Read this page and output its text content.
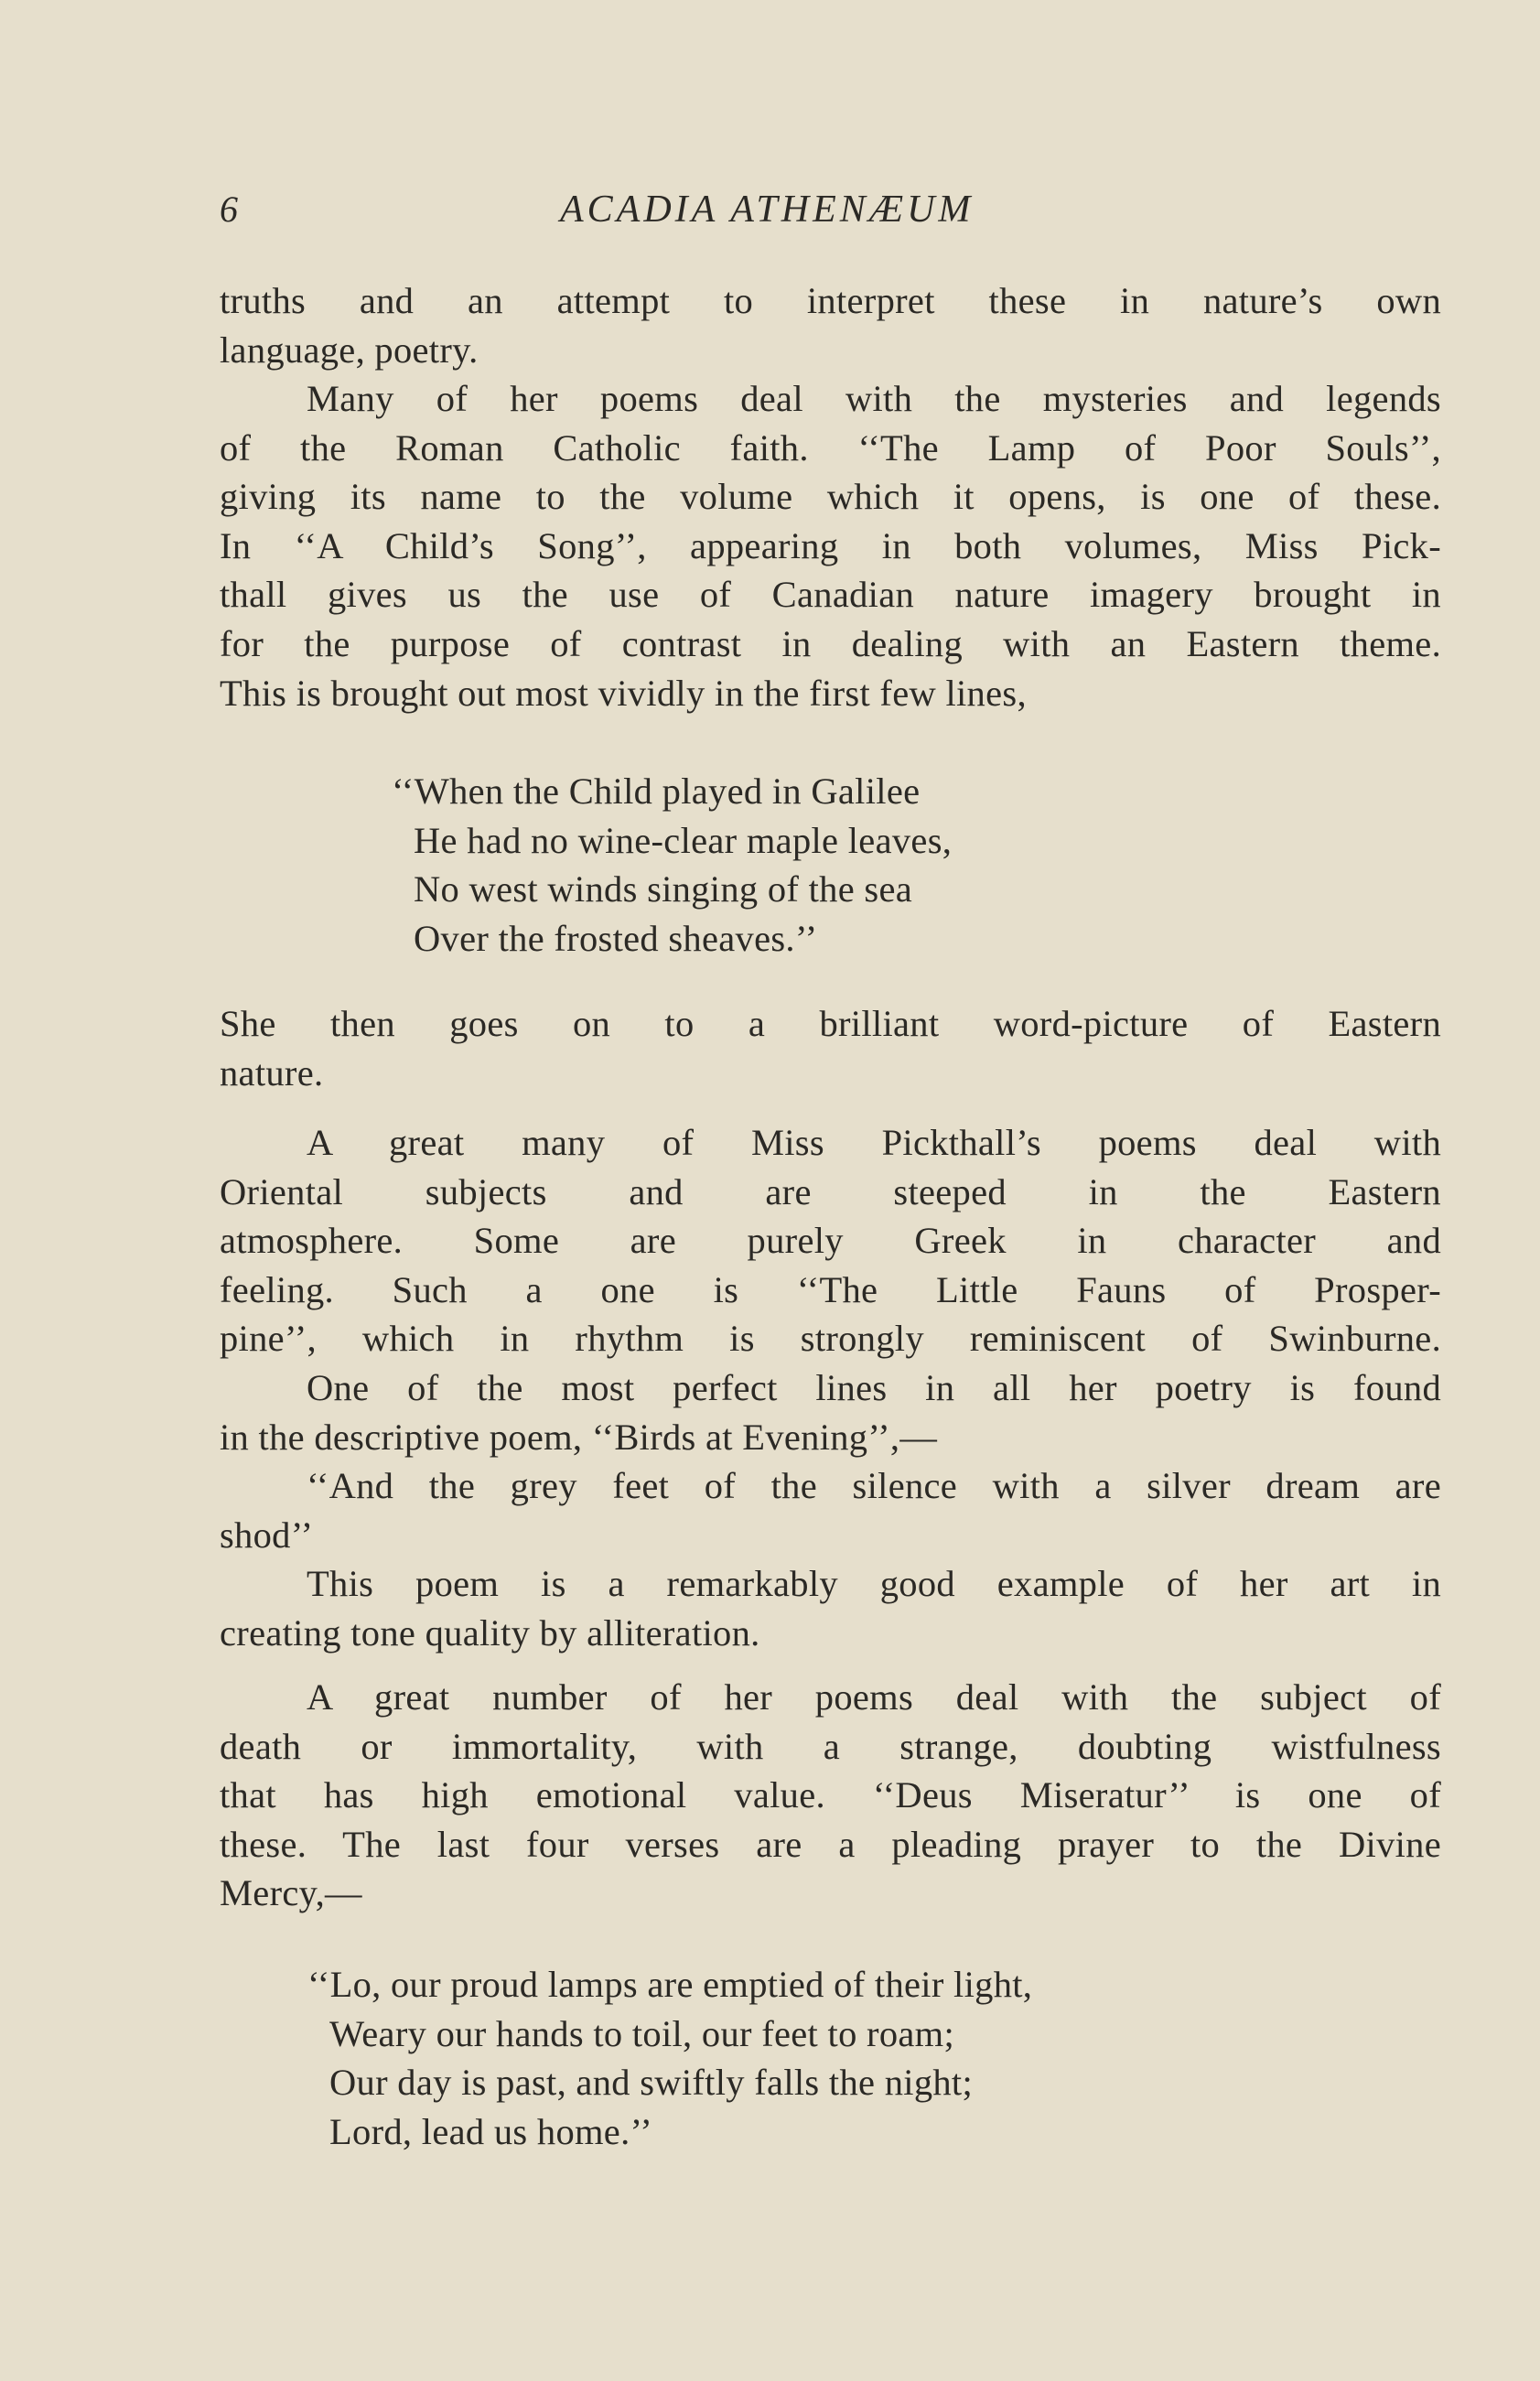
6	ACADIA ATHENÆUM
truths and an attempt to interpret these in nature’s own
language, poetry.
Many of her poems deal with the mysteries and legends
of the Roman Catholic faith. ‘‘The Lamp of Poor Souls’’,
giving its name to the volume which it opens, is one of these.
In ‘‘A Child’s Song’’, appearing in both volumes, Miss Pick-
thall gives us the use of Canadian nature imagery brought in
for the purpose of contrast in dealing with an Eastern theme.
This is brought out most vividly in the first few lines,
‘‘When the Child played in Galilee
He had no wine-clear maple leaves,
No west winds singing of the sea
Over the frosted sheaves.’’
She then goes on to a brilliant word-picture of Eastern
nature.
A great many of Miss Pickthall’s poems deal with
Oriental subjects and are steeped in the Eastern
atmosphere. Some are purely Greek in character and
feeling. Such a one is ‘‘The Little Fauns of Prosper-
pine’’, which in rhythm is strongly reminiscent of Swinburne.
One of the most perfect lines in all her poetry is found
in the descriptive poem, ‘‘Birds at Evening’’,—
‘‘And the grey feet of the silence with a silver dream are
shod’’
This poem is a remarkably good example of her art in
creating tone quality by alliteration.
A great number of her poems deal with the subject of
death or immortality, with a strange, doubting wistfulness
that has high emotional value. ‘‘Deus Miseratur’’ is one of
these. The last four verses are a pleading prayer to the Divine
Mercy,—
‘‘Lo, our proud lamps are emptied of their light,
Weary our hands to toil, our feet to roam;
Our day is past, and swiftly falls the night;
Lord, lead us home.’’
